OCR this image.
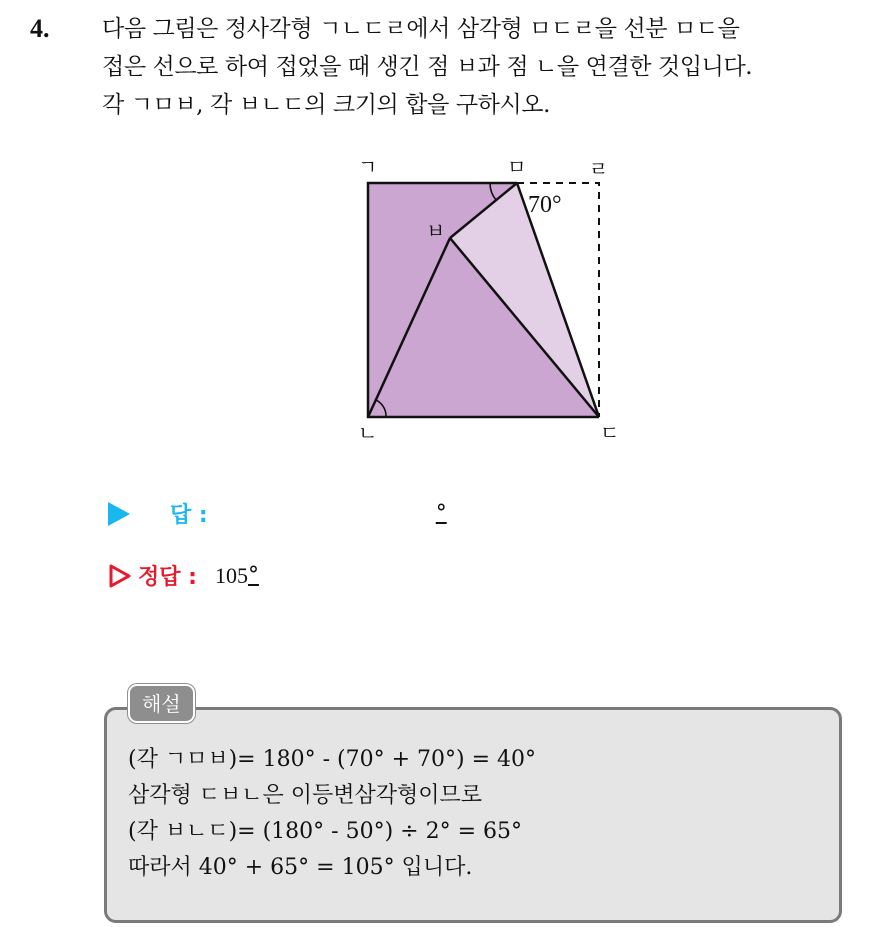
4. 다음 그림은 정사각형 ㄱㄴㄷㄹ에서 삼각형 ㅁㄷㄹ을 선분 ㅁㄷ을
접은 선으로 하여 접었을 때 생긴 점 ㅂ과 점 ㄴ을 연결한 것입니다.
각 ㄱㅁㅂ, 각 ㅂㄴㄷ의 크기의 합을 구하시오.
ㄱ	ㅁ	ㄹ
ㅂ
ㄴ	ㄷ
70°
답 :	°
정답 : 105 °
해설
(각 ㄱㅁㅂ)= 180° - (70° + 70°) = 40°
삼각형 ㄷㅂㄴ은 이등변삼각형이므로
(각 ㅂㄴㄷ)= (180° - 50°) ÷ 2° = 65°
따라서 40° + 65° = 105° 입니다.
